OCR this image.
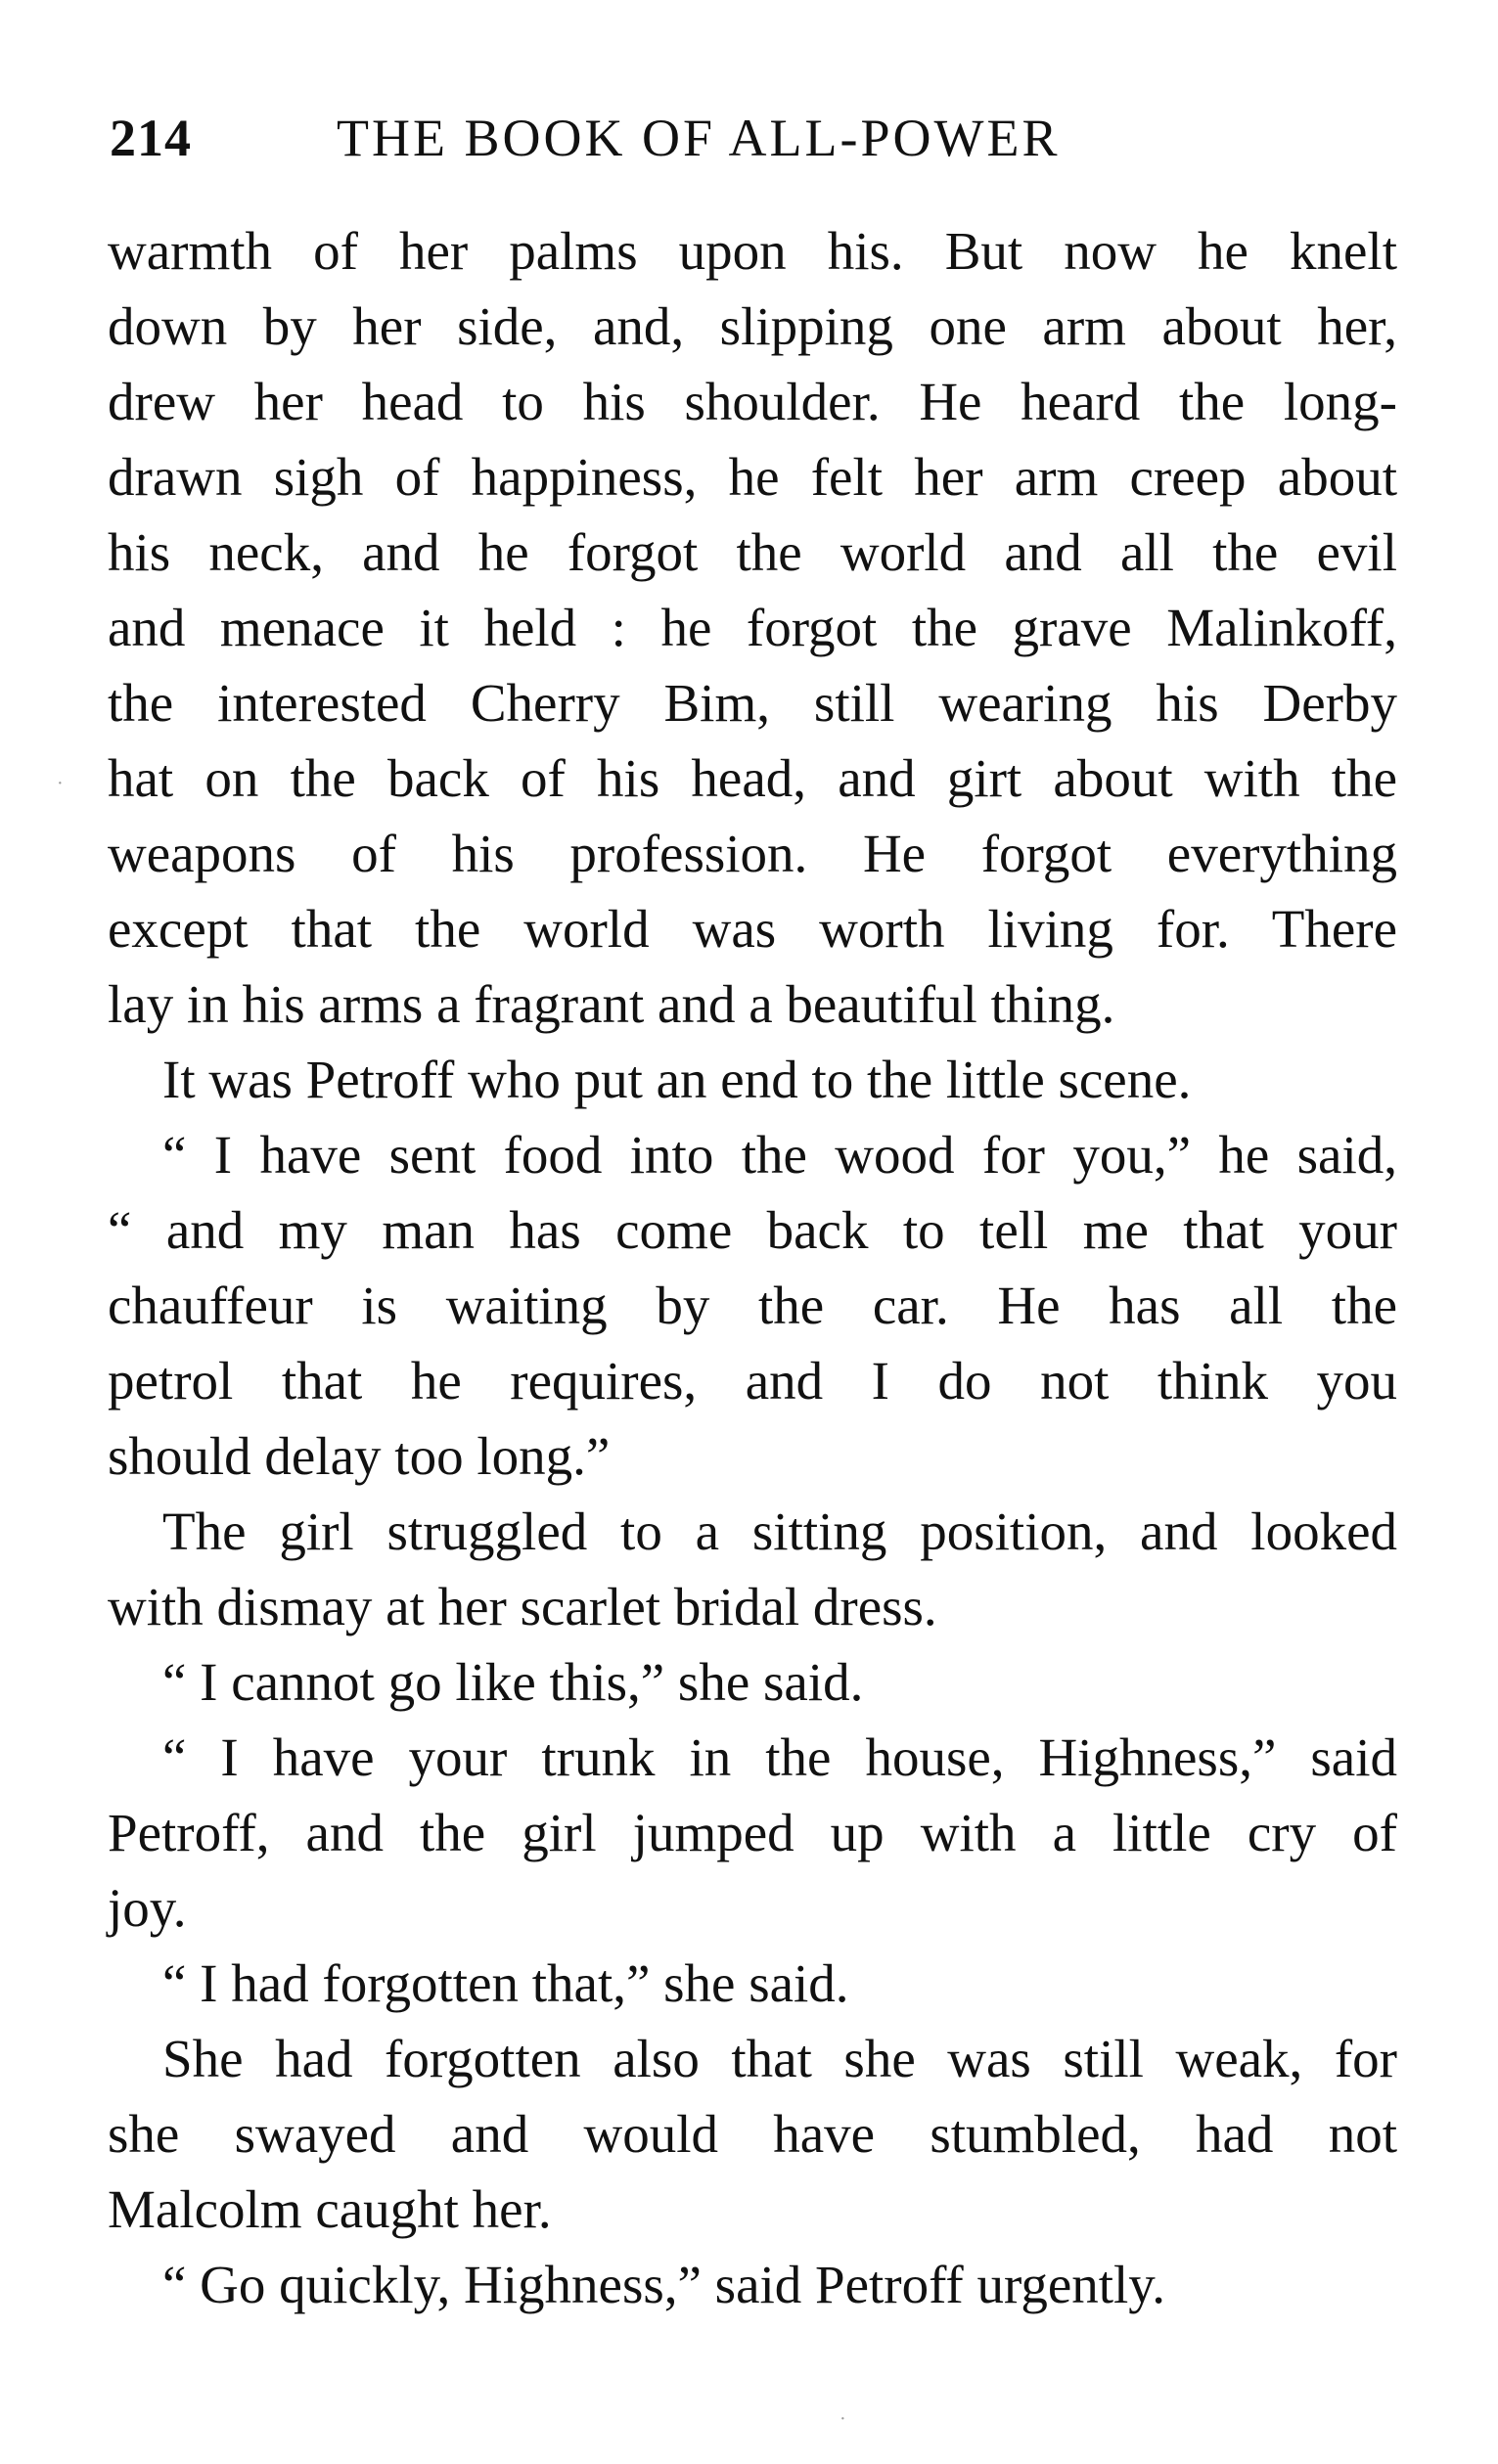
214	THE BOOK OF ALL-POWER

warmth of her palms upon his. But now he knelt
down by her side, and, slipping one arm about her,
drew her head to his shoulder. He heard the long-
drawn sigh of happiness, he felt her arm creep about
his neck, and he forgot the world and all the evil
and menace it held : he forgot the grave Malinkoff,
the interested Cherry Bim, still wearing his Derby
hat on the back of his head, and girt about with the
weapons of his profession. He forgot everything
except that the world was worth living for. There
lay in his arms a fragrant and a beautiful thing.

It was Petroff who put an end to the little scene.

“ I have sent food into the wood for you,” he said,
“ and my man has come back to tell me that your
chauffeur is waiting by the car. He has all the
petrol that he requires, and I do not think you
should delay too long.”

The girl struggled to a sitting position, and looked
with dismay at her scarlet bridal dress.

“ I cannot go like this,” she said.

“ I have your trunk in the house, Highness,” said
Petroff, and the girl jumped up with a little cry of
joy.

“ I had forgotten that,” she said.

She had forgotten also that she was still weak, for
she swayed and would have stumbled, had not
Malcolm caught her.

“ Go quickly, Highness,” said Petroff urgently.

·
·
